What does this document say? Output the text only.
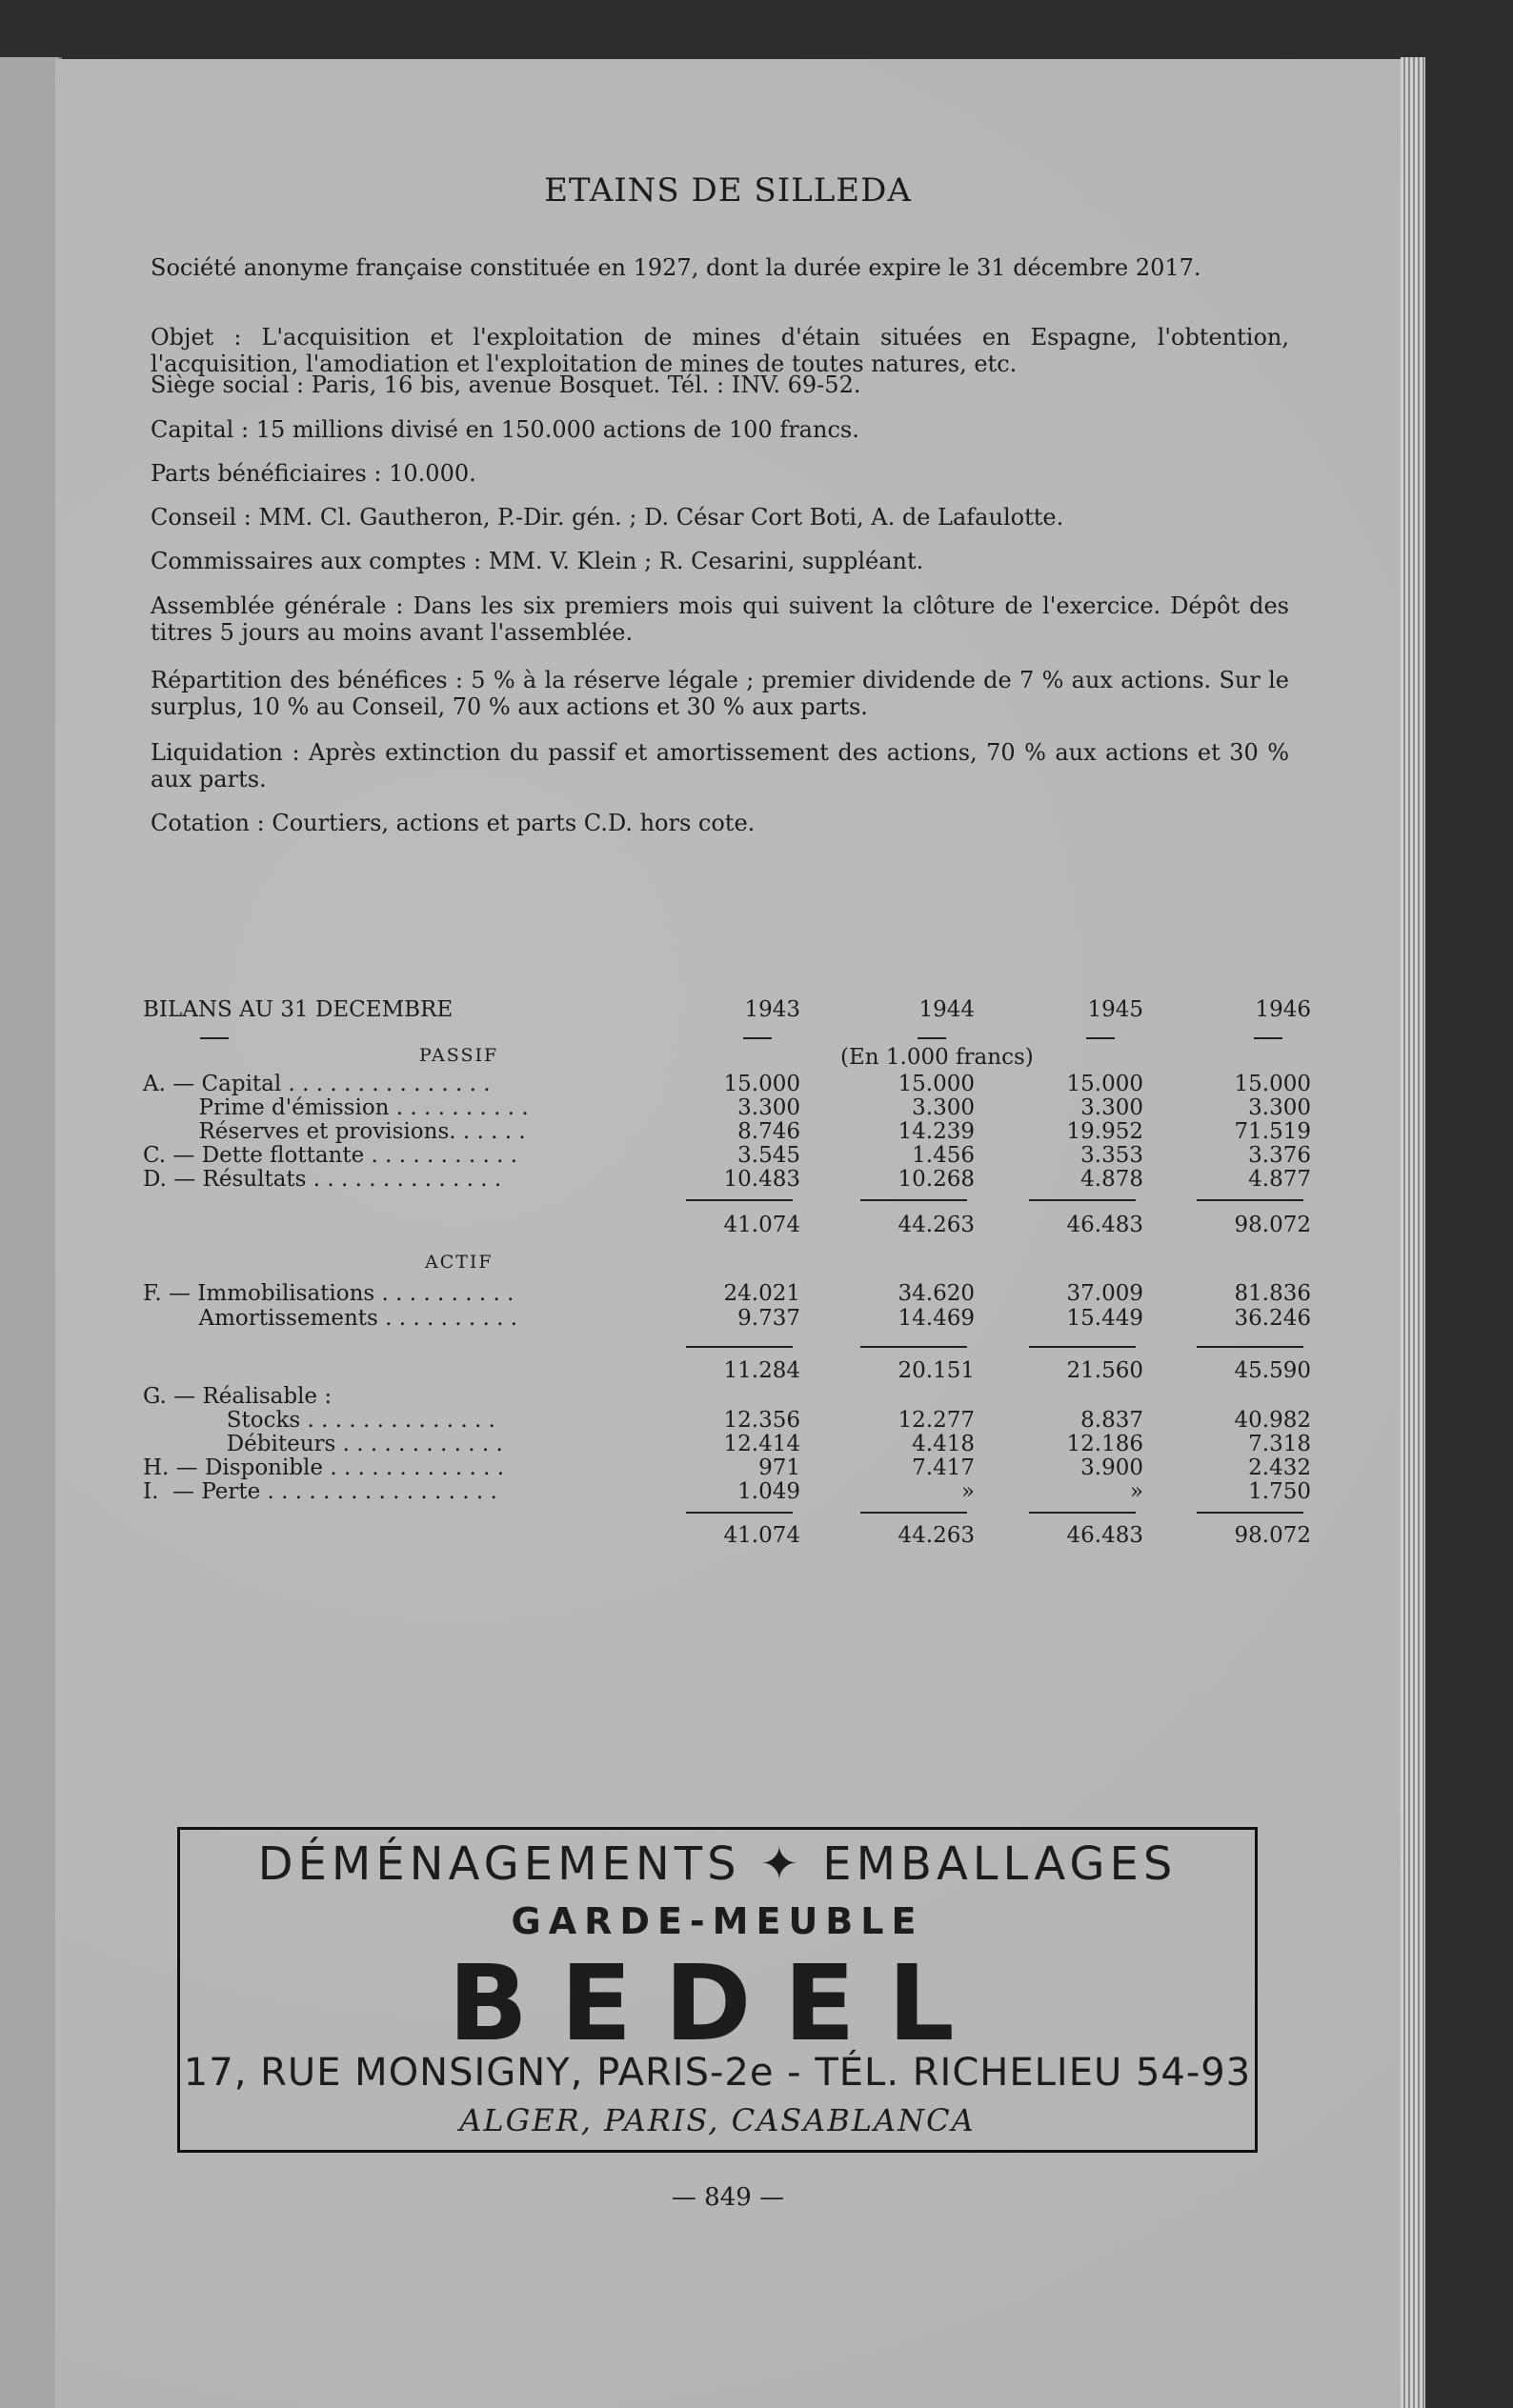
ETAINS DE SILLEDA
Société anonyme française constituée en 1927, dont la durée expire le 31 décembre 2017.
Objet : L'acquisition et l'exploitation de mines d'étain situées en Espagne, l'obtention, l'acquisition, l'amodiation et l'exploitation de mines de toutes natures, etc.
Siège social : Paris, 16 bis, avenue Bosquet. Tél. : INV. 69-52.
Capital : 15 millions divisé en 150.000 actions de 100 francs.
Parts bénéficiaires : 10.000.
Conseil : MM. Cl. Gautheron, P.-Dir. gén. ; D. César Cort Boti, A. de Lafaulotte.
Commissaires aux comptes : MM. V. Klein ; R. Cesarini, suppléant.
Assemblée générale : Dans les six premiers mois qui suivent la clôture de l'exercice. Dépôt des titres 5 jours au moins avant l'assemblée.
Répartition des bénéfices : 5 % à la réserve légale ; premier dividende de 7 % aux actions. Sur le surplus, 10 % au Conseil, 70 % aux actions et 30 % aux parts.
Liquidation : Après extinction du passif et amortissement des actions, 70 % aux actions et 30 % aux parts.
Cotation : Courtiers, actions et parts C.D. hors cote.
BILANS AU 31 DECEMBRE	1943	1944	1945	1946
PASSIF	(En 1.000 francs)
A. — Capital . . . . . . . . . . . . . . .	15.000	15.000	15.000	15.000
Prime d'émission . . . . . . . . . .	3.300	3.300	3.300	3.300
Réserves et provisions. . . . . .	8.746	14.239	19.952	71.519
C. — Dette flottante . . . . . . . . . . .	3.545	1.456	3.353	3.376
D. — Résultats . . . . . . . . . . . . . .	10.483	10.268	4.878	4.877
41.074	44.263	46.483	98.072
ACTIF
F. — Immobilisations . . . . . . . . . .	24.021	34.620	37.009	81.836
Amortissements . . . . . . . . . .	9.737	14.469	15.449	36.246
11.284	20.151	21.560	45.590
G. — Réalisable :
Stocks . . . . . . . . . . . . . .	12.356	12.277	8.837	40.982
Débiteurs . . . . . . . . . . . .	12.414	4.418	12.186	7.318
H. — Disponible . . . . . . . . . . . . .	971	7.417	3.900	2.432
I.  — Perte . . . . . . . . . . . . . . . . .	1.049	»	»	1.750
41.074	44.263	46.483	98.072
DÉMÉNAGEMENTS ✦ EMBALLAGES
GARDE-MEUBLE
BEDEL
17, RUE MONSIGNY, PARIS-2e - TÉL. RICHELIEU 54-93
ALGER, PARIS, CASABLANCA
— 849 —
